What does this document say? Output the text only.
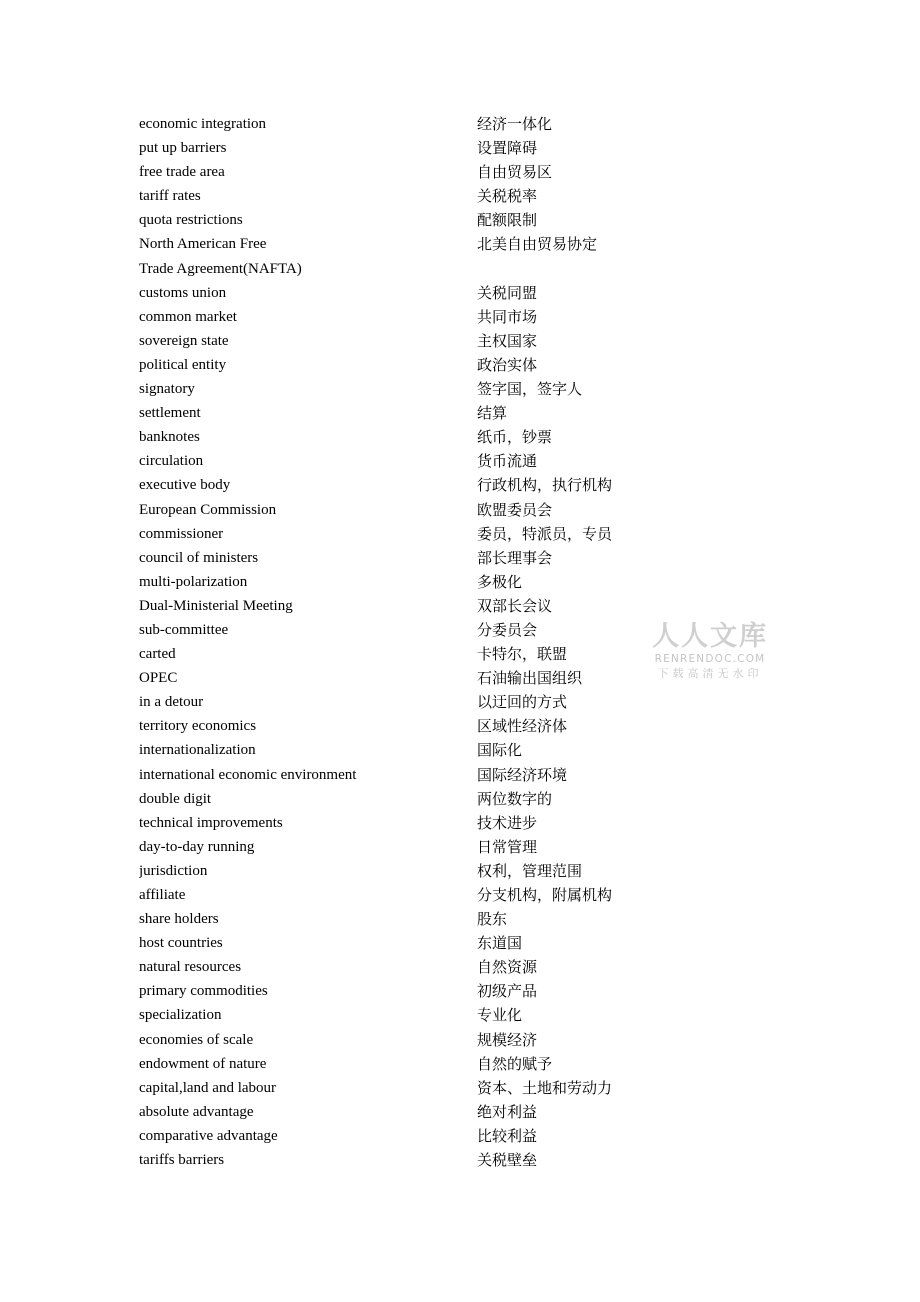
economic integration	经济一体化
put up barriers	设置障碍
free trade area	自由贸易区
tariff rates	关税税率
quota restrictions	配额限制
North American Free	北美自由贸易协定
Trade Agreement(NAFTA)
customs union	关税同盟
common market	共同市场
sovereign state	主权国家
political entity	政治实体
signatory	签字国，签字人
settlement	结算
banknotes	纸币，钞票
circulation	货币流通
executive body	行政机构，执行机构
European Commission	欧盟委员会
commissioner	委员，特派员，专员
council of ministers	部长理事会
multi-polarization	多极化
Dual-Ministerial Meeting	双部长会议
sub-committee	分委员会
carted	卡特尔，联盟
OPEC	石油输出国组织
in a detour	以迂回的方式
territory economics	区域性经济体
internationalization	国际化
international economic environment	国际经济环境
double digit	两位数字的
technical improvements	技术进步
day-to-day running	日常管理
jurisdiction	权利，管理范围
affiliate	分支机构，附属机构
share holders	股东
host countries	东道国
natural resources	自然资源
primary commodities	初级产品
specialization	专业化
economies of scale	规模经济
endowment of nature	自然的赋予
capital,land and labour	资本、土地和劳动力
absolute advantage	绝对利益
comparative advantage	比较利益
tariffs barriers	关税壁垒
人人文库
RENRENDOC.COM
下载高清无水印
